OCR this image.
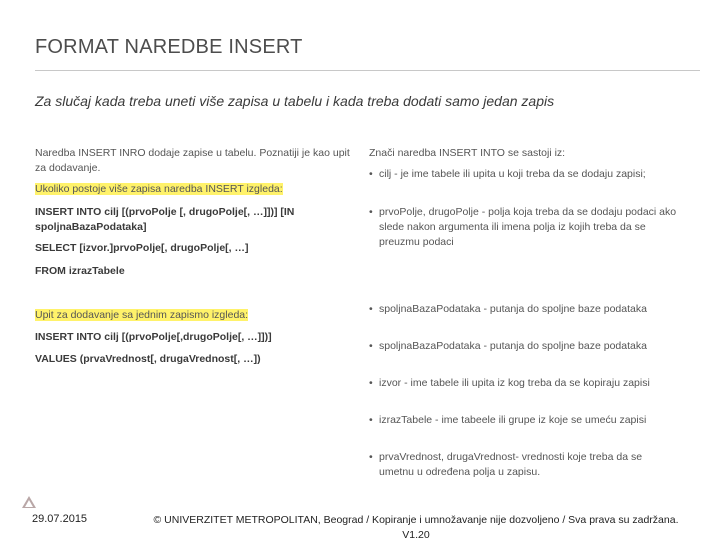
FORMAT NAREDBE INSERT
Za slučaj kada treba uneti više zapisa u tabelu i kada treba dodati samo jedan zapis

Naredba INSERT INRO dodaje zapise u tabelu. Poznatiji je kao upit za dodavanje.

Ukoliko postoje više zapisa naredba INSERT izgleda:

INSERT INTO cilj [(prvoPolje [, drugoPolje[, …]])] [IN spoljnaBazaPodataka]

SELECT [izvor.]prvoPolje[, drugoPolje[, …]

FROM izrazTabele

Upit za dodavanje sa jednim zapismo izgleda:

INSERT INTO cilj [(prvoPolje[,drugoPolje[, …]])]

VALUES (prvaVrednost[, drugaVrednost[, …])

Znači naredba INSERT INTO se sastoji iz:

• cilj - je ime tabele ili upita u koji treba da se dodaju zapisi;
• prvoPolje, drugoPolje - polja koja treba da se dodaju podaci ako slede nakon argumenta ili imena polja iz kojih treba da se preuzmu podaci
• spoljnaBazaPodataka - putanja do spoljne baze podataka
• spoljnaBazaPodataka - putanja do spoljne baze podataka
• izvor - ime tabele ili upita iz kog treba da se kopiraju zapisi
• izrazTabele - ime tabeele ili grupe iz koje se umeću zapisi
• prvaVrednost, drugaVrednost- vrednosti koje treba da se umetnu u određena polja u zapisu.
29.07.2015	© UNIVERZITET METROPOLITAN, Beograd / Kopiranje i umnožavanje nije dozvoljeno / Sva prava su zadržana.
V1.20
